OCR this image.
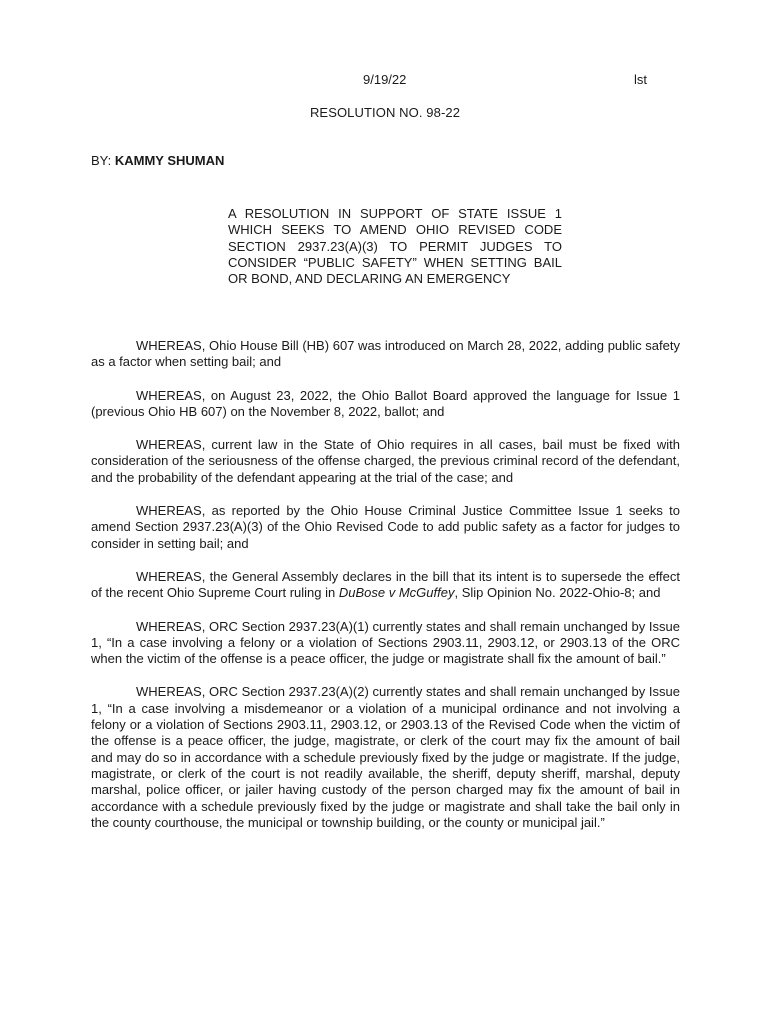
9/19/22	lst
RESOLUTION NO. 98-22
BY: KAMMY SHUMAN
A RESOLUTION IN SUPPORT OF STATE ISSUE 1 WHICH SEEKS TO AMEND OHIO REVISED CODE SECTION 2937.23(A)(3) TO PERMIT JUDGES TO CONSIDER “PUBLIC SAFETY” WHEN SETTING BAIL OR BOND, AND DECLARING AN EMERGENCY

WHEREAS, Ohio House Bill (HB) 607 was introduced on March 28, 2022, adding public safety as a factor when setting bail; and

WHEREAS, on August 23, 2022, the Ohio Ballot Board approved the language for Issue 1 (previous Ohio HB 607) on the November 8, 2022, ballot; and

WHEREAS, current law in the State of Ohio requires in all cases, bail must be fixed with consideration of the seriousness of the offense charged, the previous criminal record of the defendant, and the probability of the defendant appearing at the trial of the case; and

WHEREAS, as reported by the Ohio House Criminal Justice Committee Issue 1 seeks to amend Section 2937.23(A)(3) of the Ohio Revised Code to add public safety as a factor for judges to consider in setting bail; and

WHEREAS, the General Assembly declares in the bill that its intent is to supersede the effect of the recent Ohio Supreme Court ruling in DuBose v McGuffey, Slip Opinion No. 2022-Ohio-8; and

WHEREAS, ORC Section 2937.23(A)(1) currently states and shall remain unchanged by Issue 1, “In a case involving a felony or a violation of Sections 2903.11, 2903.12, or 2903.13 of the ORC when the victim of the offense is a peace officer, the judge or magistrate shall fix the amount of bail.”

WHEREAS, ORC Section 2937.23(A)(2) currently states and shall remain unchanged by Issue 1, “In a case involving a misdemeanor or a violation of a municipal ordinance and not involving a felony or a violation of Sections 2903.11, 2903.12, or 2903.13 of the Revised Code when the victim of the offense is a peace officer, the judge, magistrate, or clerk of the court may fix the amount of bail and may do so in accordance with a schedule previously fixed by the judge or magistrate. If the judge, magistrate, or clerk of the court is not readily available, the sheriff, deputy sheriff, marshal, deputy marshal, police officer, or jailer having custody of the person charged may fix the amount of bail in accordance with a schedule previously fixed by the judge or magistrate and shall take the bail only in the county courthouse, the municipal or township building, or the county or municipal jail.”
